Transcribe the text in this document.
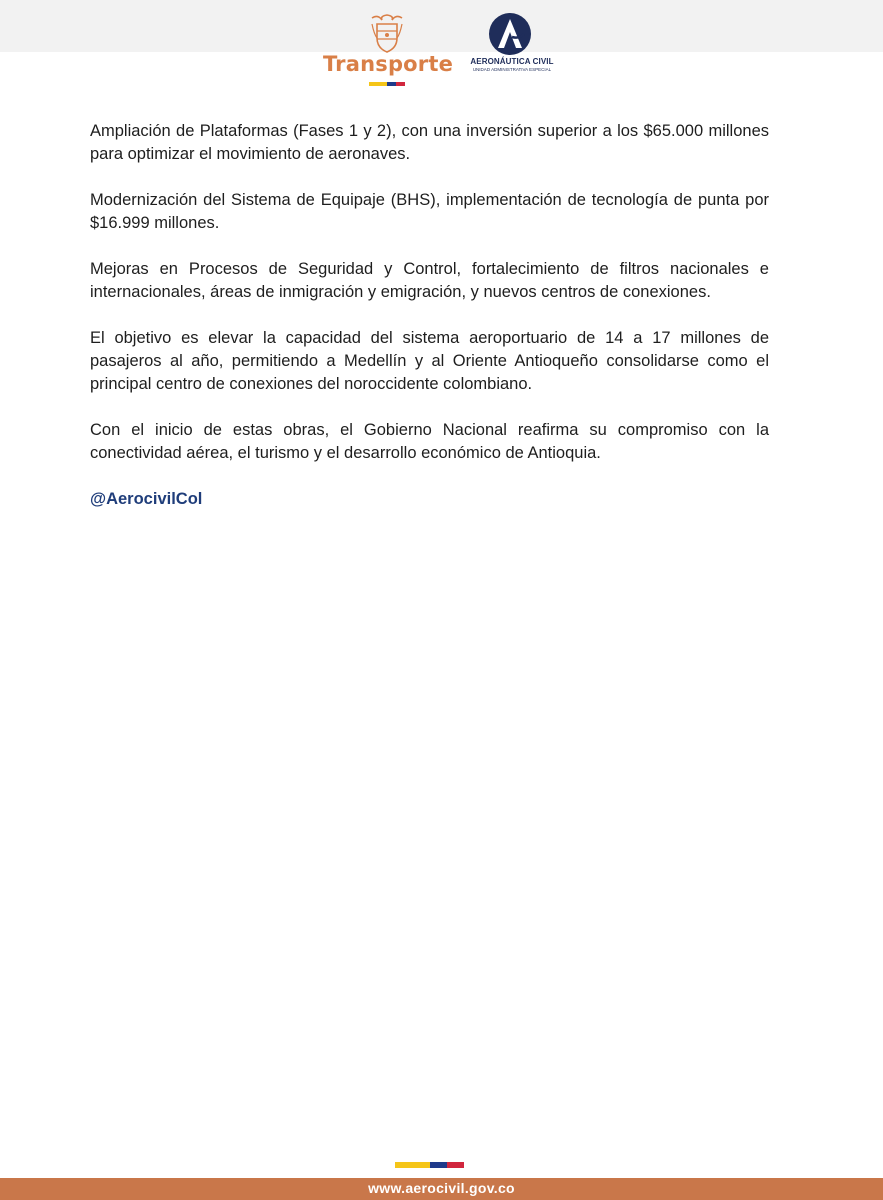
Transporte	AERONÁUTICA CIVIL
UNIDAD ADMINISTRATIVA ESPECIAL

Ampliación de Plataformas (Fases 1 y 2), con una inversión superior a los $65.000 millones para optimizar el movimiento de aeronaves.

Modernización del Sistema de Equipaje (BHS), implementación de tecnología de punta por $16.999 millones.

Mejoras en Procesos de Seguridad y Control, fortalecimiento de filtros nacionales e internacionales, áreas de inmigración y emigración, y nuevos centros de conexiones.

El objetivo es elevar la capacidad del sistema aeroportuario de 14 a 17 millones de pasajeros al año, permitiendo a Medellín y al Oriente Antioqueño consolidarse como el principal centro de conexiones del noroccidente colombiano.

Con el inicio de estas obras, el Gobierno Nacional reafirma su compromiso con la conectividad aérea, el turismo y el desarrollo económico de Antioquia.

@AerocivilCol

www.aerocivil.gov.co
